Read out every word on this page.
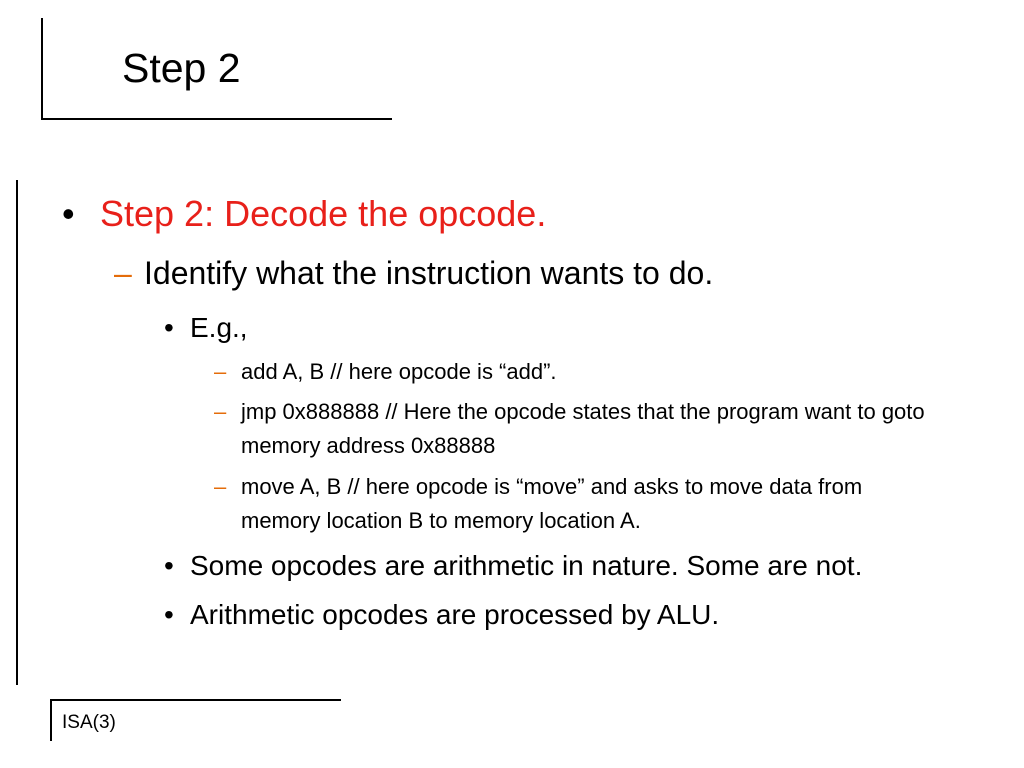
Step 2
• Step 2: Decode the opcode.
– Identify what the instruction wants to do.
• E.g.,
– add A, B // here opcode is “add”.
– jmp 0x888888 // Here the opcode states that the program want to goto memory address 0x88888
– move A, B // here opcode is “move” and asks to move data from memory location B to memory location A.
• Some opcodes are arithmetic in nature. Some are not.
• Arithmetic opcodes are processed by ALU.
ISA(3)
